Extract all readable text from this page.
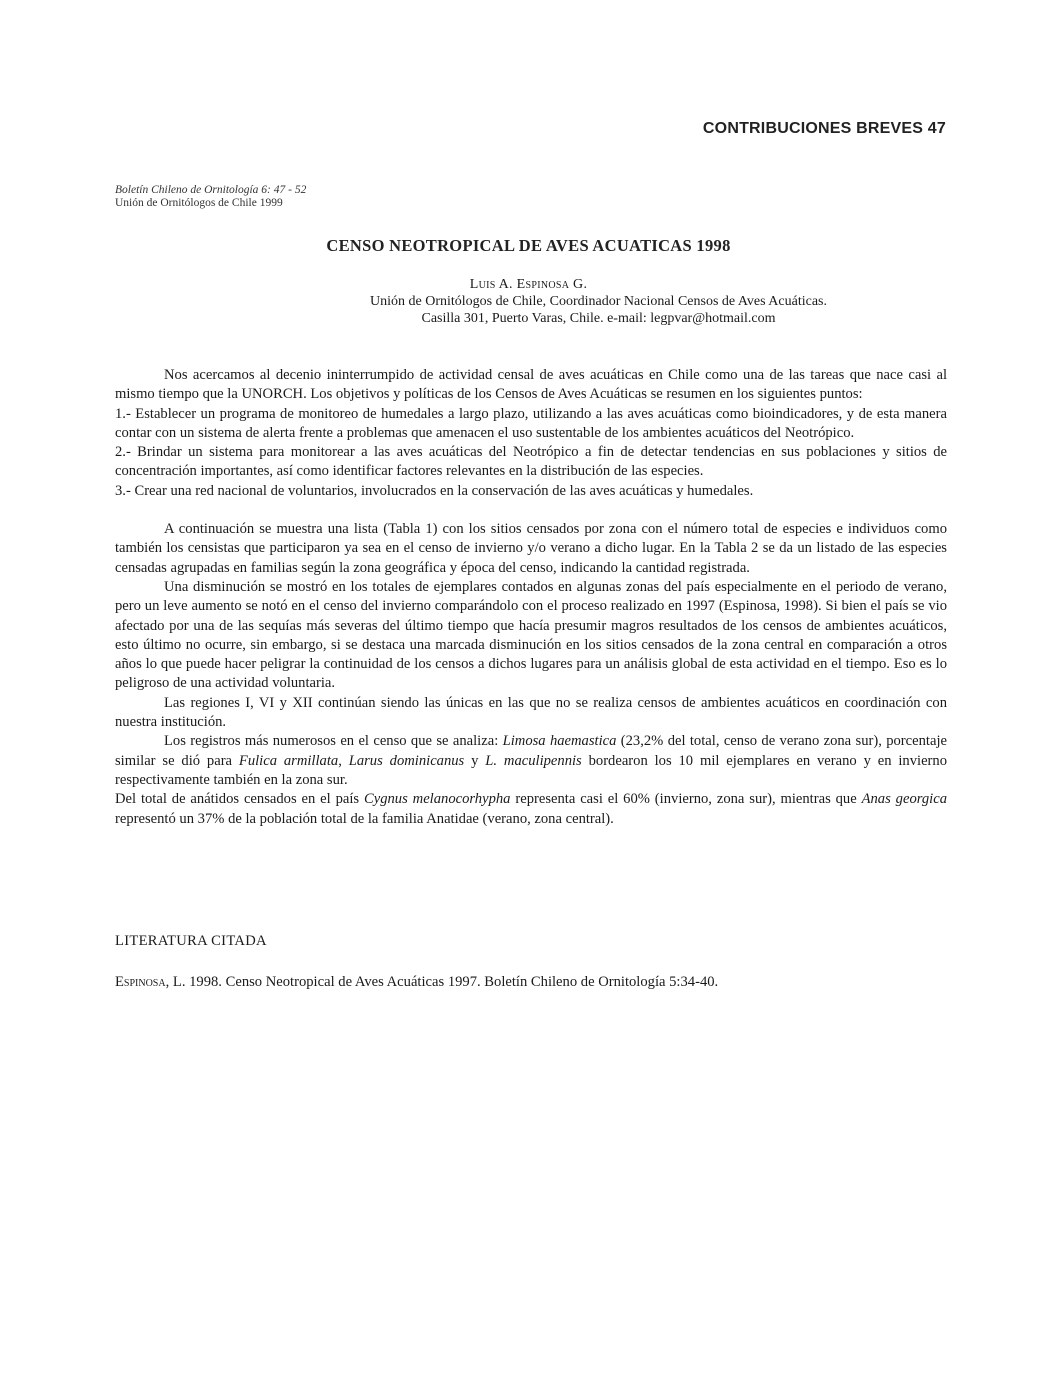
CONTRIBUCIONES BREVES 47
Boletín Chileno de Ornitología 6: 47 - 52
Unión de Ornitólogos de Chile 1999
CENSO NEOTROPICAL DE AVES ACUATICAS 1998
Luis A. Espinosa G.
Unión de Ornitólogos de Chile, Coordinador Nacional Censos de Aves Acuáticas.
Casilla 301, Puerto Varas, Chile. e-mail: legpvar@hotmail.com

Nos acercamos al decenio ininterrumpido de actividad censal de aves acuáticas en Chile como una de las tareas que nace casi al mismo tiempo que la UNORCH. Los objetivos y políticas de los Censos de Aves Acuáticas se resumen en los siguientes puntos:

1.- Establecer un programa de monitoreo de humedales a largo plazo, utilizando a las aves acuáticas como bioindicadores, y de esta manera contar con un sistema de alerta frente a problemas que amenacen el uso sustentable de los ambientes acuáticos del Neotrópico.

2.- Brindar un sistema para monitorear a las aves acuáticas del Neotrópico a fin de detectar tendencias en sus poblaciones y sitios de concentración importantes, así como identificar factores relevantes en la distribución de las especies.

3.- Crear una red nacional de voluntarios, involucrados en la conservación de las aves acuáticas y humedales.

A continuación se muestra una lista (Tabla 1) con los sitios censados por zona con el número total de especies e individuos como también los censistas que participaron ya sea en el censo de invierno y/o verano a dicho lugar. En la Tabla 2 se da un listado de las especies censadas agrupadas en familias según la zona geográfica y época del censo, indicando la cantidad registrada.

Una disminución se mostró en los totales de ejemplares contados en algunas zonas del país especialmente en el periodo de verano, pero un leve aumento se notó en el censo del invierno comparándolo con el proceso realizado en 1997 (Espinosa, 1998). Si bien el país se vio afectado por una de las sequías más severas del último tiempo que hacía presumir magros resultados de los censos de ambientes acuáticos, esto último no ocurre, sin embargo, si se destaca una marcada disminución en los sitios censados de la zona central en comparación a otros años lo que puede hacer peligrar la continuidad de los censos a dichos lugares para un análisis global de esta actividad en el tiempo. Eso es lo peligroso de una actividad voluntaria.

Las regiones I, VI y XII continúan siendo las únicas en las que no se realiza censos de ambientes acuáticos en coordinación con nuestra institución.

Los registros más numerosos en el censo que se analiza: Limosa haemastica (23,2% del total, censo de verano zona sur), porcentaje similar se dió para Fulica armillata, Larus dominicanus y L. maculipennis bordearon los 10 mil ejemplares en verano y en invierno respectivamente también en la zona sur.

Del total de anátidos censados en el país Cygnus melanocorhypha representa casi el 60% (invierno, zona sur), mientras que Anas georgica representó un 37% de la población total de la familia Anatidae (verano, zona central).

LITERATURA CITADA
Espinosa, L. 1998. Censo Neotropical de Aves Acuáticas 1997. Boletín Chileno de Ornitología 5:34-40.
